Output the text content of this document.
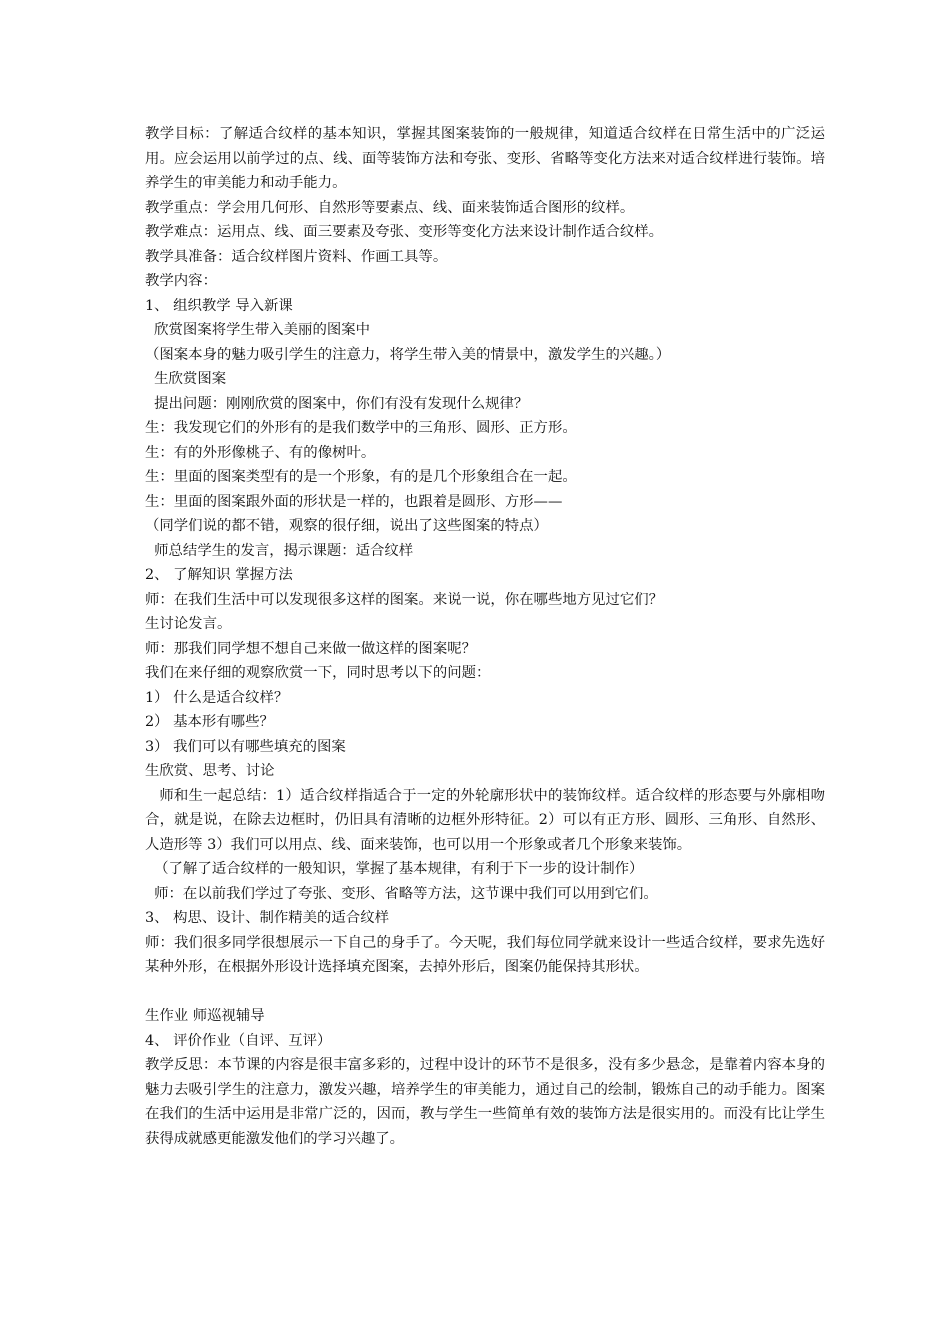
教学目标：了解适合纹样的基本知识，掌握其图案装饰的一般规律，知道适合纹样在日常生活中的广泛运用。应会运用以前学过的点、线、面等装饰方法和夸张、变形、省略等变化方法来对适合纹样进行装饰。培养学生的审美能力和动手能力。
教学重点：学会用几何形、自然形等要素点、线、面来装饰适合图形的纹样。
教学难点：运用点、线、面三要素及夸张、变形等变化方法来设计制作适合纹样。
教学具准备：适合纹样图片资料、作画工具等。
教学内容：
1、 组织教学 导入新课
欣赏图案将学生带入美丽的图案中
（图案本身的魅力吸引学生的注意力，将学生带入美的情景中，激发学生的兴趣。）
生欣赏图案
提出问题：刚刚欣赏的图案中，你们有没有发现什么规律？
生：我发现它们的外形有的是我们数学中的三角形、圆形、正方形。
生：有的外形像桃子、有的像树叶。
生：里面的图案类型有的是一个形象，有的是几个形象组合在一起。
生：里面的图案跟外面的形状是一样的，也跟着是圆形、方形——
（同学们说的都不错，观察的很仔细，说出了这些图案的特点）
师总结学生的发言，揭示课题：适合纹样
2、 了解知识 掌握方法
师：在我们生活中可以发现很多这样的图案。来说一说，你在哪些地方见过它们？
生讨论发言。
师：那我们同学想不想自己来做一做这样的图案呢？
我们在来仔细的观察欣赏一下，同时思考以下的问题：
1） 什么是适合纹样？
2） 基本形有哪些？
3） 我们可以有哪些填充的图案
生欣赏、思考、讨论
师和生一起总结：1）适合纹样指适合于一定的外轮廓形状中的装饰纹样。适合纹样的形态要与外廓相吻合，就是说，在除去边框时，仍旧具有清晰的边框外形特征。2）可以有正方形、圆形、三角形、自然形、人造形等 3）我们可以用点、线、面来装饰，也可以用一个形象或者几个形象来装饰。
（了解了适合纹样的一般知识，掌握了基本规律，有利于下一步的设计制作）
师：在以前我们学过了夸张、变形、省略等方法，这节课中我们可以用到它们。
3、 构思、设计、制作精美的适合纹样
师：我们很多同学很想展示一下自己的身手了。今天呢，我们每位同学就来设计一些适合纹样，要求先选好某种外形，在根据外形设计选择填充图案，去掉外形后，图案仍能保持其形状。
生作业 师巡视辅导
4、 评价作业（自评、互评）
教学反思：本节课的内容是很丰富多彩的，过程中设计的环节不是很多，没有多少悬念，是靠着内容本身的魅力去吸引学生的注意力，激发兴趣，培养学生的审美能力，通过自己的绘制，锻炼自己的动手能力。图案在我们的生活中运用是非常广泛的，因而，教与学生一些简单有效的装饰方法是很实用的。而没有比让学生获得成就感更能激发他们的学习兴趣了。
